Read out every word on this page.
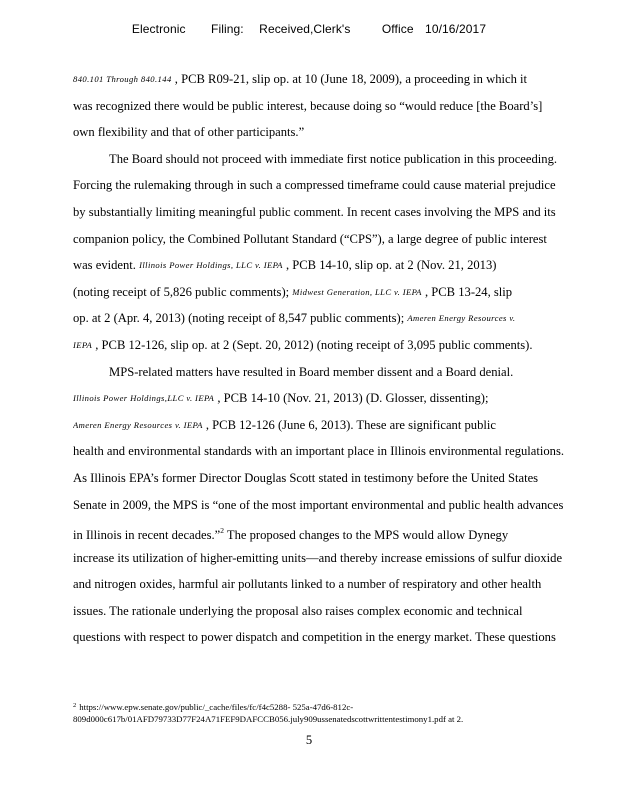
Electronic Filing: Received,Clerk's	Office 10/16/2017
840.101 Through 840.144 , PCB R09-21, slip op. at 10 (June 18, 2009), a proceeding in which it
was recognized there would be public interest, because doing so “would reduce [the Board’s]
own flexibility and that of other participants.”
The Board should not proceed with immediate first notice publication in this proceeding.
Forcing the rulemaking through in such a compressed timeframe could cause material prejudice
by substantially limiting meaningful public comment. In recent cases involving the MPS and its
companion policy, the Combined Pollutant Standard (“CPS”), a large degree of public interest
was evident. Illinois Power Holdings, LLC v. IEPA , PCB 14-10, slip op. at 2 (Nov. 21, 2013)
(noting receipt of 5,826 public comments); Midwest Generation, LLC v. IEPA , PCB 13-24, slip
op. at 2 (Apr. 4, 2013) (noting receipt of 8,547 public comments); Ameren Energy Resources v.
IEPA , PCB 12-126, slip op. at 2 (Sept. 20, 2012) (noting receipt of 3,095 public comments).
MPS-related matters have resulted in Board member dissent and a Board denial.
Illinois Power Holdings,LLC v. IEPA , PCB 14-10 (Nov. 21, 2013) (D. Glosser, dissenting);
Ameren Energy Resources v. IEPA , PCB 12-126 (June 6, 2013). These are significant public
health and environmental standards with an important place in Illinois environmental regulations.
As Illinois EPA’s former Director Douglas Scott stated in testimony before the United States
Senate in 2009, the MPS is “one of the most important environmental and public health advances
in Illinois in recent decades.”$^2$ The proposed changes to the MPS would allow Dynegy
increase its utilization of higher-emitting units—and thereby increase emissions of sulfur dioxide
and nitrogen oxides, harmful air pollutants linked to a number of respiratory and other health
issues. The rationale underlying the proposal also raises complex economic and technical
questions with respect to power dispatch and competition in the energy market. These questions
$^2$ https://www.epw.senate.gov/public/_cache/files/fc/f4c5288- 525a-47d6-812c-
809d000c617b/01AFD79733D77F24A71FEF9DAFCCB056.july909ussenatedscottwrittentestimony1.pdf at 2.
5
